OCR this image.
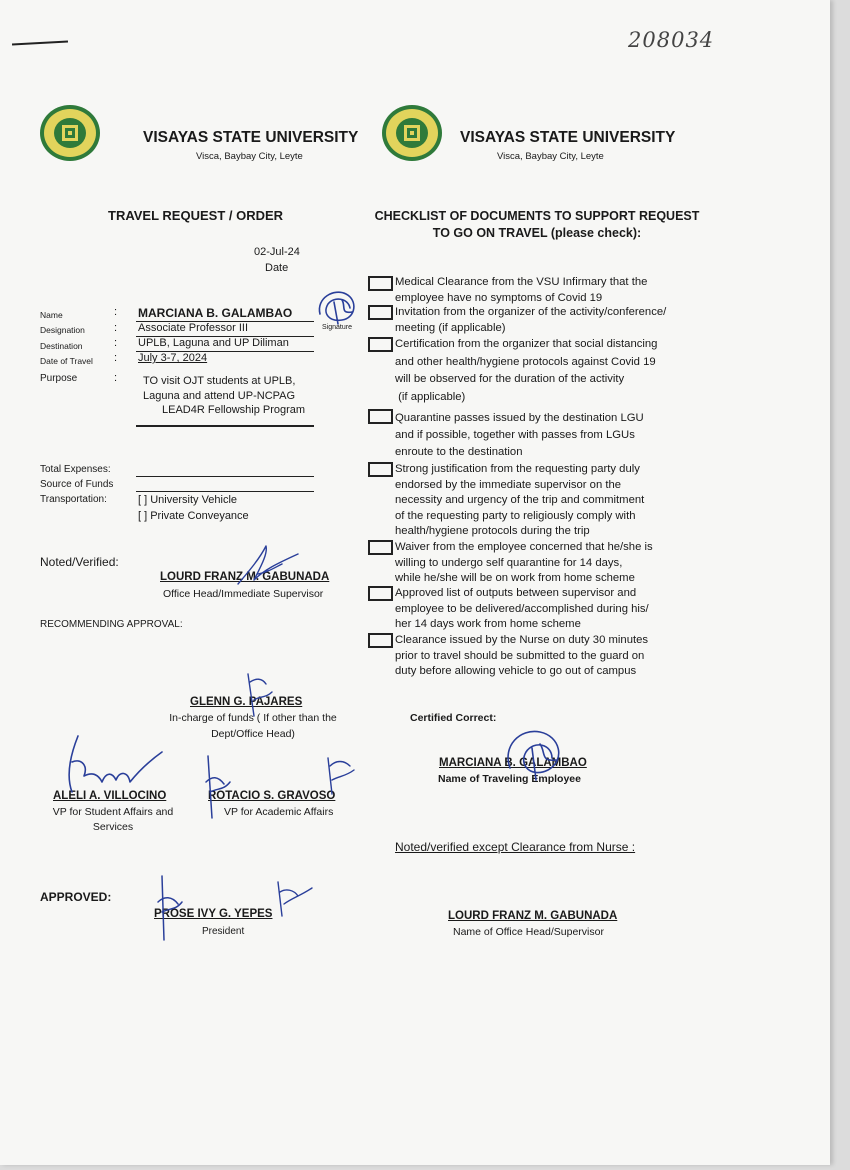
208034
VISAYAS STATE UNIVERSITY
Visca, Baybay City, Leyte
VISAYAS STATE UNIVERSITY
Visca, Baybay City, Leyte
TRAVEL REQUEST / ORDER
02-Jul-24
Date
Name	: MARCIANA B. GALAMBAO
Signature
Designation	: Associate Professor III
Destination	: UPLB, Laguna and UP Diliman
Date of Travel : July 3-7, 2024
Purpose	: TO visit OJT students at UPLB,
Laguna and attend UP-NCPAG
LEAD4R Fellowship Program
Total Expenses:
Source of Funds
Transportation:	[ ] University Vehicle
[ ] Private Conveyance
Noted/Verified:
LOURD FRANZ M. GABUNADA
Office Head/Immediate Supervisor
RECOMMENDING APPROVAL:
GLENN G. PAJARES
In-charge of funds ( If other than the
Dept/Office Head)
ALELI A. VILLOCINO
VP for Student Affairs and
Services
ROTACIO S. GRAVOSO
VP for Academic Affairs
APPROVED:
PROSE IVY G. YEPES
President
CHECKLIST OF DOCUMENTS TO SUPPORT REQUEST
TO GO ON TRAVEL (please check):
Medical Clearance from the VSU Infirmary that the
employee have no symptoms of Covid 19
Invitation from the organizer of the activity/conference/
meeting (if applicable)
Certification from the organizer that social distancing
and other health/hygiene protocols against Covid 19
will be observed for the duration of the activity
(if applicable)
Quarantine passes issued by the destination LGU
and if possible, together with passes from LGUs
enroute to the destination
Strong justification from the requesting party duly
endorsed by the immediate supervisor on the
necessity and urgency of the trip and commitment
of the requesting party to religiously comply with
health/hygiene protocols during the trip
Waiver from the employee concerned that he/she is
willing to undergo self quarantine for 14 days,
while he/she will be on work from home scheme
Approved list of outputs between supervisor and
employee to be delivered/accomplished during his/
her 14 days work from home scheme
Clearance issued by the Nurse on duty 30 minutes
prior to travel should be submitted to the guard on
duty before allowing vehicle to go out of campus
Certified Correct:
MARCIANA B. GALAMBAO
Name of Traveling Employee
Noted/verified except Clearance from Nurse :
LOURD FRANZ M. GABUNADA
Name of Office Head/Supervisor
